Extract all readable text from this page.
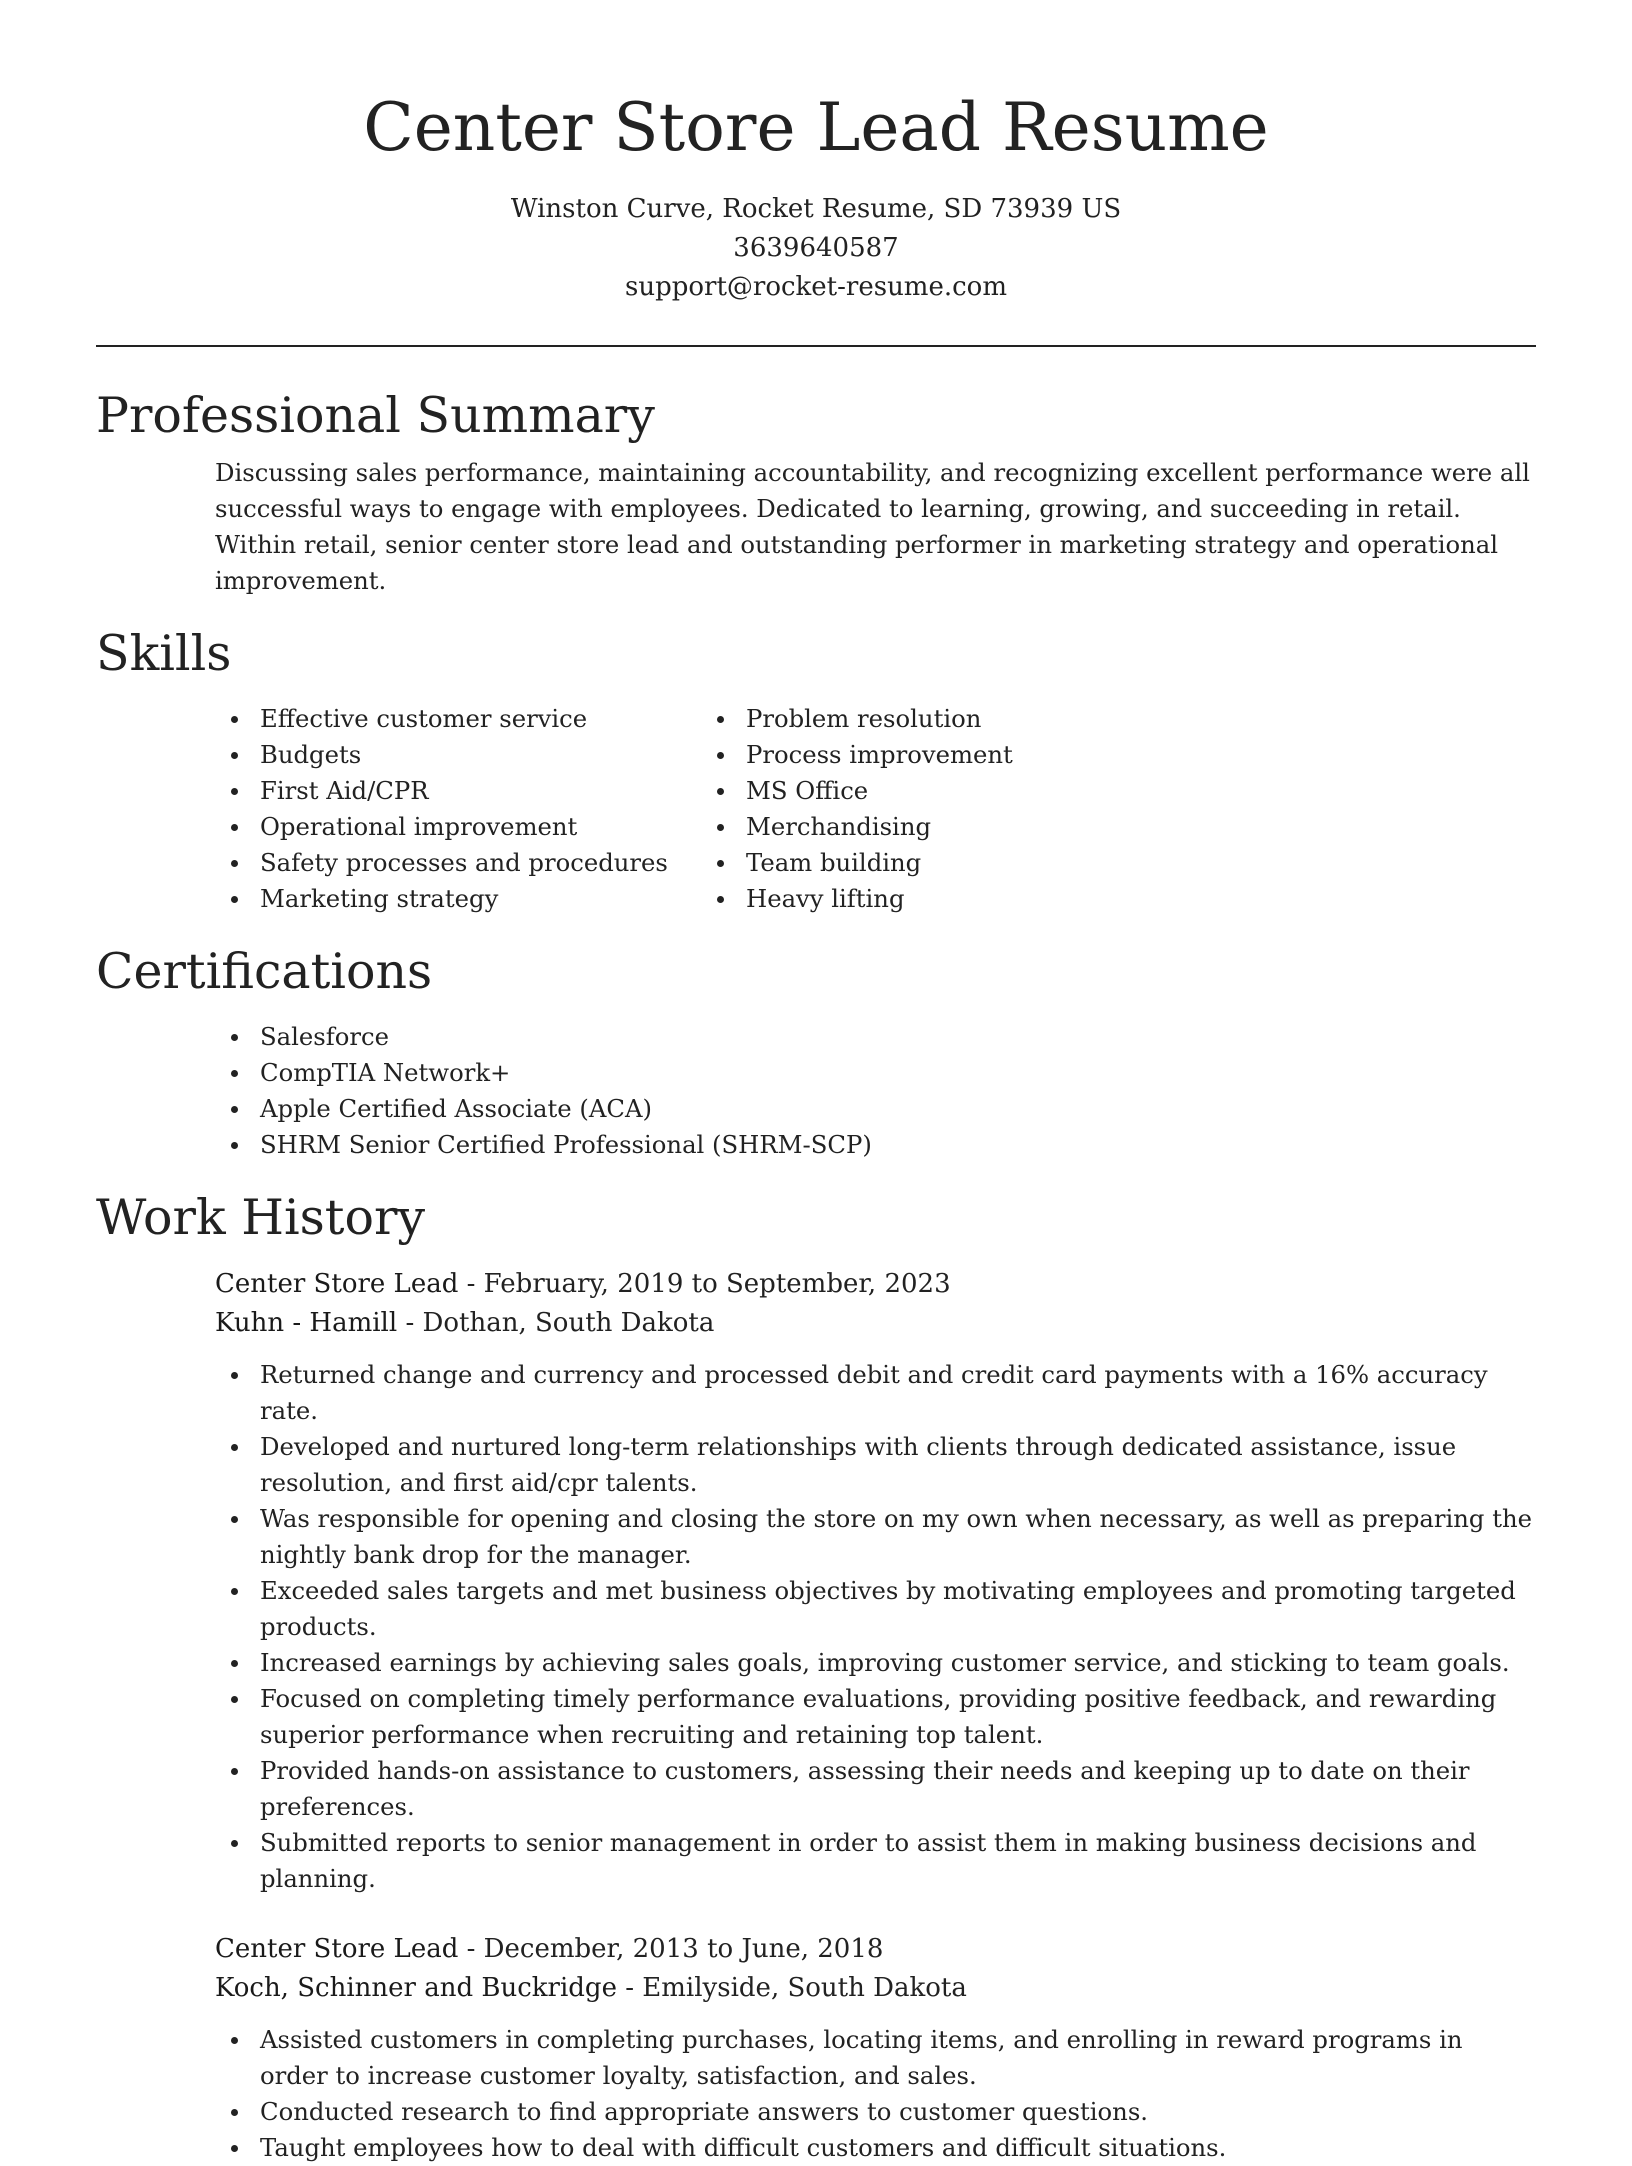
Center Store Lead Resume
Winston Curve, Rocket Resume, SD 73939 US
3639640587
support@rocket-resume.com
Professional Summary

Discussing sales performance, maintaining accountability, and recognizing excellent performance were all successful ways to engage with employees. Dedicated to learning, growing, and succeeding in retail. Within retail, senior center store lead and outstanding performer in marketing strategy and operational improvement.

Skills
Effective customer service
Budgets
First Aid/CPR
Operational improvement
Safety processes and procedures
Marketing strategy
Problem resolution
Process improvement
MS Office
Merchandising
Team building
Heavy lifting
Certifications
Salesforce
CompTIA Network+
Apple Certified Associate (ACA)
SHRM Senior Certified Professional (SHRM-SCP)
Work History
Center Store Lead - February, 2019 to September, 2023
Kuhn - Hamill - Dothan, South Dakota
Returned change and currency and processed debit and credit card payments with a 16% accuracy rate.
Developed and nurtured long-term relationships with clients through dedicated assistance, issue resolution, and first aid/cpr talents.
Was responsible for opening and closing the store on my own when necessary, as well as preparing the nightly bank drop for the manager.
Exceeded sales targets and met business objectives by motivating employees and promoting targeted products.
Increased earnings by achieving sales goals, improving customer service, and sticking to team goals.
Focused on completing timely performance evaluations, providing positive feedback, and rewarding superior performance when recruiting and retaining top talent.
Provided hands-on assistance to customers, assessing their needs and keeping up to date on their preferences.
Submitted reports to senior management in order to assist them in making business decisions and planning.
Center Store Lead - December, 2013 to June, 2018
Koch, Schinner and Buckridge - Emilyside, South Dakota
Assisted customers in completing purchases, locating items, and enrolling in reward programs in order to increase customer loyalty, satisfaction, and sales.
Conducted research to find appropriate answers to customer questions.
Taught employees how to deal with difficult customers and difficult situations.
